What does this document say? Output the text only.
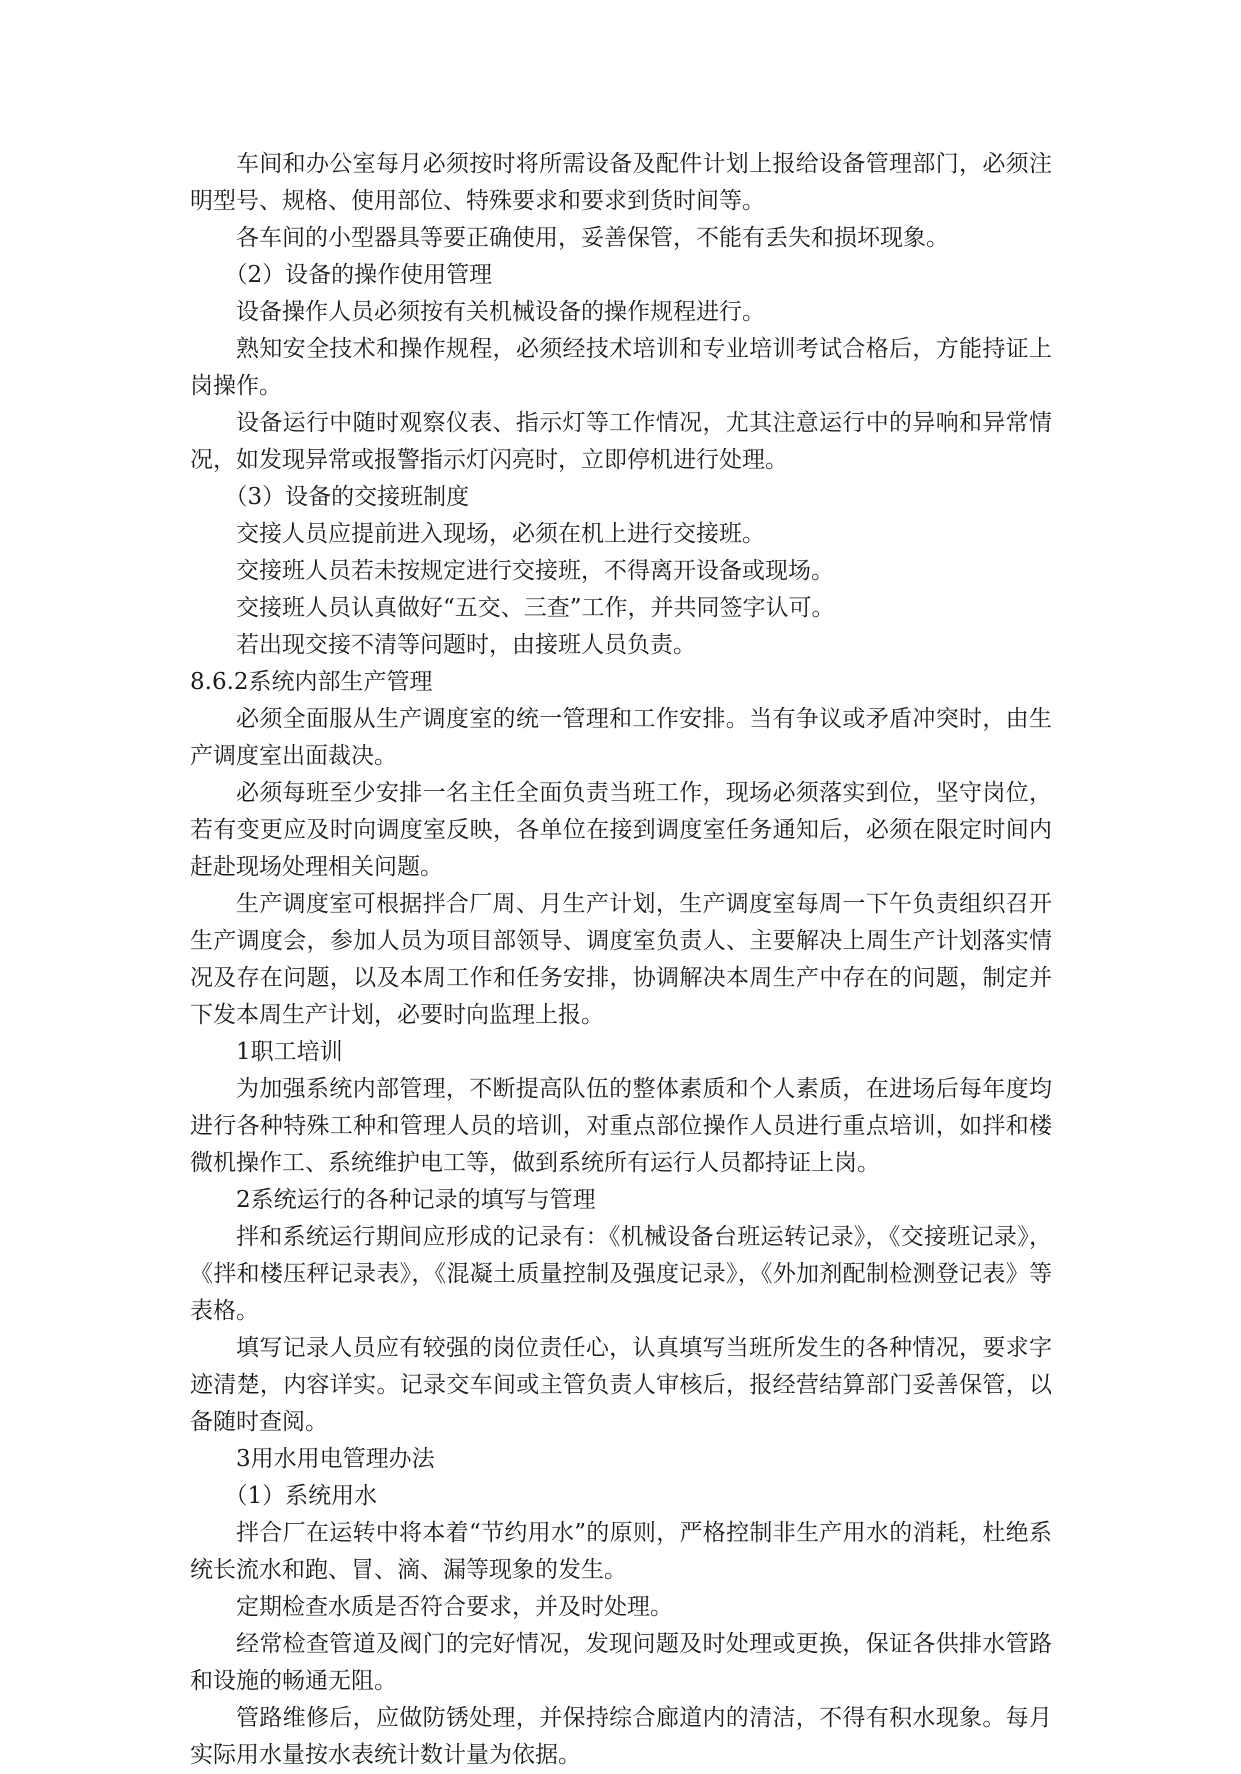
车间和办公室每月必须按时将所需设备及配件计划上报给设备管理部门，必须注明型号、规格、使用部位、特殊要求和要求到货时间等。

各车间的小型器具等要正确使用，妥善保管，不能有丢失和损坏现象。

（2）设备的操作使用管理

设备操作人员必须按有关机械设备的操作规程进行。

熟知安全技术和操作规程，必须经技术培训和专业培训考试合格后，方能持证上岗操作。

设备运行中随时观察仪表、指示灯等工作情况，尤其注意运行中的异响和异常情况，如发现异常或报警指示灯闪亮时，立即停机进行处理。

（3）设备的交接班制度

交接人员应提前进入现场，必须在机上进行交接班。

交接班人员若未按规定进行交接班，不得离开设备或现场。

交接班人员认真做好“五交、三查”工作，并共同签字认可。

若出现交接不清等问题时，由接班人员负责。

8.6.2系统内部生产管理

必须全面服从生产调度室的统一管理和工作安排。当有争议或矛盾冲突时，由生产调度室出面裁决。

必须每班至少安排一名主任全面负责当班工作，现场必须落实到位，坚守岗位，若有变更应及时向调度室反映，各单位在接到调度室任务通知后，必须在限定时间内赶赴现场处理相关问题。

生产调度室可根据拌合厂周、月生产计划，生产调度室每周一下午负责组织召开生产调度会，参加人员为项目部领导、调度室负责人、主要解决上周生产计划落实情况及存在问题，以及本周工作和任务安排，协调解决本周生产中存在的问题，制定并下发本周生产计划，必要时向监理上报。

1职工培训

为加强系统内部管理，不断提高队伍的整体素质和个人素质，在进场后每年度均进行各种特殊工种和管理人员的培训，对重点部位操作人员进行重点培训，如拌和楼微机操作工、系统维护电工等，做到系统所有运行人员都持证上岗。

2系统运行的各种记录的填写与管理

拌和系统运行期间应形成的记录有：《机械设备台班运转记录》，《交接班记录》，《拌和楼压秤记录表》，《混凝土质量控制及强度记录》，《外加剂配制检测登记表》等表格。

填写记录人员应有较强的岗位责任心，认真填写当班所发生的各种情况，要求字迹清楚，内容详实。记录交车间或主管负责人审核后，报经营结算部门妥善保管，以备随时查阅。

3用水用电管理办法

（1）系统用水

拌合厂在运转中将本着“节约用水”的原则，严格控制非生产用水的消耗，杜绝系统长流水和跑、冒、滴、漏等现象的发生。

定期检查水质是否符合要求，并及时处理。

经常检查管道及阀门的完好情况，发现问题及时处理或更换，保证各供排水管路和设施的畅通无阻。

管路维修后，应做防锈处理，并保持综合廊道内的清洁，不得有积水现象。每月实际用水量按水表统计数计量为依据。
